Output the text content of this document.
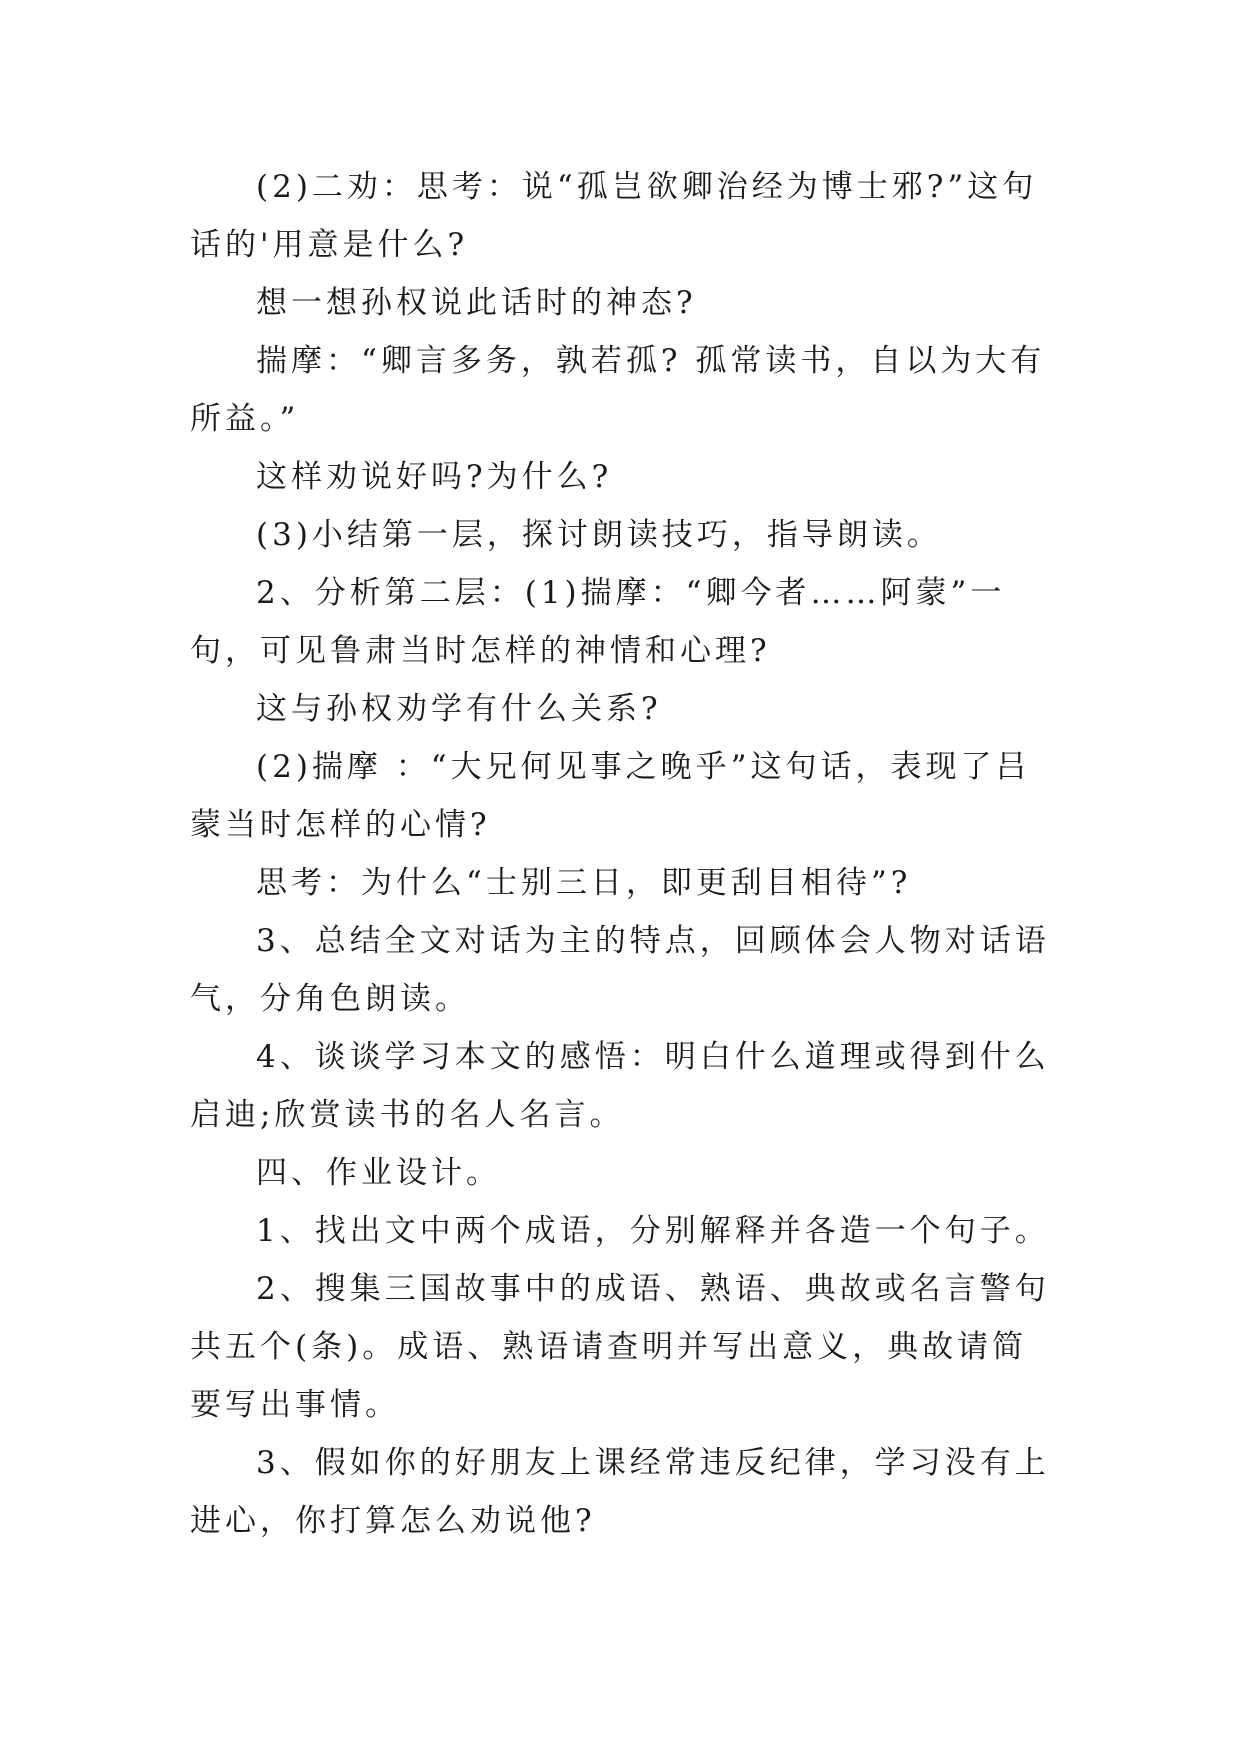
(2)二劝：思考：说“孤岂欲卿治经为博士邪?”这句话的'用意是什么?

想一想孙权说此话时的神态?

揣摩：“卿言多务，孰若孤? 孤常读书，自以为大有所益。”

这样劝说好吗?为什么?

(3)小结第一层，探讨朗读技巧，指导朗读。

2、分析第二层：(1)揣摩：“卿今者……阿蒙”一句，可见鲁肃当时怎样的神情和心理?

这与孙权劝学有什么关系?

(2)揣摩 ：“大兄何见事之晚乎”这句话，表现了吕蒙当时怎样的心情?

思考：为什么“士别三日，即更刮目相待”?

3、总结全文对话为主的特点，回顾体会人物对话语气，分角色朗读。

4、谈谈学习本文的感悟：明白什么道理或得到什么启迪;欣赏读书的名人名言。

四、作业设计。

1、找出文中两个成语，分别解释并各造一个句子。

2、搜集三国故事中的成语、熟语、典故或名言警句共五个(条)。成语、熟语请查明并写出意义，典故请简要写出事情。

3、假如你的好朋友上课经常违反纪律，学习没有上进心，你打算怎么劝说他?
